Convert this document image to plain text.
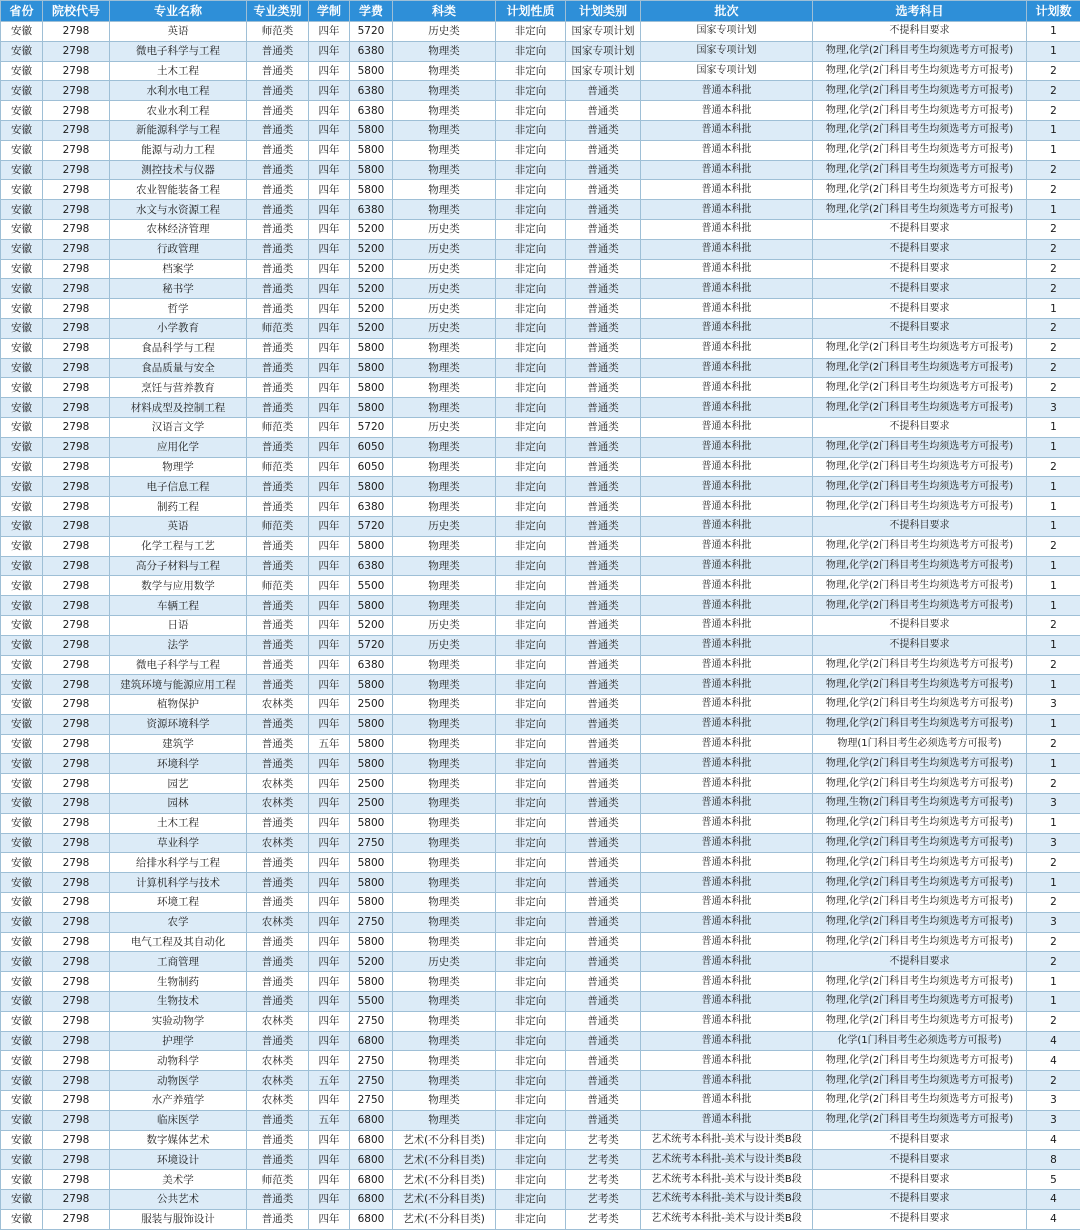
省份	院校代号	专业名称	专业类别	学制	学费	科类	计划性质	计划类别	批次	选考科目	计划数
安徽	2798	英语	师范类	四年	5720	历史类	非定向	国家专项计划	国家专项计划	不提科目要求	1
安徽	2798	微电子科学与工程	普通类	四年	6380	物理类	非定向	国家专项计划	国家专项计划	物理,化学(2门科目考生均须选考方可报考)	1
安徽	2798	土木工程	普通类	四年	5800	物理类	非定向	国家专项计划	国家专项计划	物理,化学(2门科目考生均须选考方可报考)	2
安徽	2798	水利水电工程	普通类	四年	6380	物理类	非定向	普通类	普通本科批	物理,化学(2门科目考生均须选考方可报考)	2
安徽	2798	农业水利工程	普通类	四年	6380	物理类	非定向	普通类	普通本科批	物理,化学(2门科目考生均须选考方可报考)	2
安徽	2798	新能源科学与工程	普通类	四年	5800	物理类	非定向	普通类	普通本科批	物理,化学(2门科目考生均须选考方可报考)	1
安徽	2798	能源与动力工程	普通类	四年	5800	物理类	非定向	普通类	普通本科批	物理,化学(2门科目考生均须选考方可报考)	1
安徽	2798	测控技术与仪器	普通类	四年	5800	物理类	非定向	普通类	普通本科批	物理,化学(2门科目考生均须选考方可报考)	2
安徽	2798	农业智能装备工程	普通类	四年	5800	物理类	非定向	普通类	普通本科批	物理,化学(2门科目考生均须选考方可报考)	2
安徽	2798	水文与水资源工程	普通类	四年	6380	物理类	非定向	普通类	普通本科批	物理,化学(2门科目考生均须选考方可报考)	1
安徽	2798	农林经济管理	普通类	四年	5200	历史类	非定向	普通类	普通本科批	不提科目要求	2
安徽	2798	行政管理	普通类	四年	5200	历史类	非定向	普通类	普通本科批	不提科目要求	2
安徽	2798	档案学	普通类	四年	5200	历史类	非定向	普通类	普通本科批	不提科目要求	2
安徽	2798	秘书学	普通类	四年	5200	历史类	非定向	普通类	普通本科批	不提科目要求	2
安徽	2798	哲学	普通类	四年	5200	历史类	非定向	普通类	普通本科批	不提科目要求	1
安徽	2798	小学教育	师范类	四年	5200	历史类	非定向	普通类	普通本科批	不提科目要求	2
安徽	2798	食品科学与工程	普通类	四年	5800	物理类	非定向	普通类	普通本科批	物理,化学(2门科目考生均须选考方可报考)	2
安徽	2798	食品质量与安全	普通类	四年	5800	物理类	非定向	普通类	普通本科批	物理,化学(2门科目考生均须选考方可报考)	2
安徽	2798	烹饪与营养教育	普通类	四年	5800	物理类	非定向	普通类	普通本科批	物理,化学(2门科目考生均须选考方可报考)	2
安徽	2798	材料成型及控制工程	普通类	四年	5800	物理类	非定向	普通类	普通本科批	物理,化学(2门科目考生均须选考方可报考)	3
安徽	2798	汉语言文学	师范类	四年	5720	历史类	非定向	普通类	普通本科批	不提科目要求	1
安徽	2798	应用化学	普通类	四年	6050	物理类	非定向	普通类	普通本科批	物理,化学(2门科目考生均须选考方可报考)	1
安徽	2798	物理学	师范类	四年	6050	物理类	非定向	普通类	普通本科批	物理,化学(2门科目考生均须选考方可报考)	2
安徽	2798	电子信息工程	普通类	四年	5800	物理类	非定向	普通类	普通本科批	物理,化学(2门科目考生均须选考方可报考)	1
安徽	2798	制药工程	普通类	四年	6380	物理类	非定向	普通类	普通本科批	物理,化学(2门科目考生均须选考方可报考)	1
安徽	2798	英语	师范类	四年	5720	历史类	非定向	普通类	普通本科批	不提科目要求	1
安徽	2798	化学工程与工艺	普通类	四年	5800	物理类	非定向	普通类	普通本科批	物理,化学(2门科目考生均须选考方可报考)	2
安徽	2798	高分子材料与工程	普通类	四年	6380	物理类	非定向	普通类	普通本科批	物理,化学(2门科目考生均须选考方可报考)	1
安徽	2798	数学与应用数学	师范类	四年	5500	物理类	非定向	普通类	普通本科批	物理,化学(2门科目考生均须选考方可报考)	1
安徽	2798	车辆工程	普通类	四年	5800	物理类	非定向	普通类	普通本科批	物理,化学(2门科目考生均须选考方可报考)	1
安徽	2798	日语	普通类	四年	5200	历史类	非定向	普通类	普通本科批	不提科目要求	2
安徽	2798	法学	普通类	四年	5720	历史类	非定向	普通类	普通本科批	不提科目要求	1
安徽	2798	微电子科学与工程	普通类	四年	6380	物理类	非定向	普通类	普通本科批	物理,化学(2门科目考生均须选考方可报考)	2
安徽	2798	建筑环境与能源应用工程	普通类	四年	5800	物理类	非定向	普通类	普通本科批	物理,化学(2门科目考生均须选考方可报考)	1
安徽	2798	植物保护	农林类	四年	2500	物理类	非定向	普通类	普通本科批	物理,化学(2门科目考生均须选考方可报考)	3
安徽	2798	资源环境科学	普通类	四年	5800	物理类	非定向	普通类	普通本科批	物理,化学(2门科目考生均须选考方可报考)	1
安徽	2798	建筑学	普通类	五年	5800	物理类	非定向	普通类	普通本科批	物理(1门科目考生必须选考方可报考)	2
安徽	2798	环境科学	普通类	四年	5800	物理类	非定向	普通类	普通本科批	物理,化学(2门科目考生均须选考方可报考)	1
安徽	2798	园艺	农林类	四年	2500	物理类	非定向	普通类	普通本科批	物理,化学(2门科目考生均须选考方可报考)	2
安徽	2798	园林	农林类	四年	2500	物理类	非定向	普通类	普通本科批	物理,生物(2门科目考生均须选考方可报考)	3
安徽	2798	土木工程	普通类	四年	5800	物理类	非定向	普通类	普通本科批	物理,化学(2门科目考生均须选考方可报考)	1
安徽	2798	草业科学	农林类	四年	2750	物理类	非定向	普通类	普通本科批	物理,化学(2门科目考生均须选考方可报考)	3
安徽	2798	给排水科学与工程	普通类	四年	5800	物理类	非定向	普通类	普通本科批	物理,化学(2门科目考生均须选考方可报考)	2
安徽	2798	计算机科学与技术	普通类	四年	5800	物理类	非定向	普通类	普通本科批	物理,化学(2门科目考生均须选考方可报考)	1
安徽	2798	环境工程	普通类	四年	5800	物理类	非定向	普通类	普通本科批	物理,化学(2门科目考生均须选考方可报考)	2
安徽	2798	农学	农林类	四年	2750	物理类	非定向	普通类	普通本科批	物理,化学(2门科目考生均须选考方可报考)	3
安徽	2798	电气工程及其自动化	普通类	四年	5800	物理类	非定向	普通类	普通本科批	物理,化学(2门科目考生均须选考方可报考)	2
安徽	2798	工商管理	普通类	四年	5200	历史类	非定向	普通类	普通本科批	不提科目要求	2
安徽	2798	生物制药	普通类	四年	5800	物理类	非定向	普通类	普通本科批	物理,化学(2门科目考生均须选考方可报考)	1
安徽	2798	生物技术	普通类	四年	5500	物理类	非定向	普通类	普通本科批	物理,化学(2门科目考生均须选考方可报考)	1
安徽	2798	实验动物学	农林类	四年	2750	物理类	非定向	普通类	普通本科批	物理,化学(2门科目考生均须选考方可报考)	2
安徽	2798	护理学	普通类	四年	6800	物理类	非定向	普通类	普通本科批	化学(1门科目考生必须选考方可报考)	4
安徽	2798	动物科学	农林类	四年	2750	物理类	非定向	普通类	普通本科批	物理,化学(2门科目考生均须选考方可报考)	4
安徽	2798	动物医学	农林类	五年	2750	物理类	非定向	普通类	普通本科批	物理,化学(2门科目考生均须选考方可报考)	2
安徽	2798	水产养殖学	农林类	四年	2750	物理类	非定向	普通类	普通本科批	物理,化学(2门科目考生均须选考方可报考)	3
安徽	2798	临床医学	普通类	五年	6800	物理类	非定向	普通类	普通本科批	物理,化学(2门科目考生均须选考方可报考)	3
安徽	2798	数字媒体艺术	普通类	四年	6800	艺术(不分科目类)	非定向	艺考类	艺术统考本科批-美术与设计类B段	不提科目要求	4
安徽	2798	环境设计	普通类	四年	6800	艺术(不分科目类)	非定向	艺考类	艺术统考本科批-美术与设计类B段	不提科目要求	8
安徽	2798	美术学	师范类	四年	6800	艺术(不分科目类)	非定向	艺考类	艺术统考本科批-美术与设计类B段	不提科目要求	5
安徽	2798	公共艺术	普通类	四年	6800	艺术(不分科目类)	非定向	艺考类	艺术统考本科批-美术与设计类B段	不提科目要求	4
安徽	2798	服装与服饰设计	普通类	四年	6800	艺术(不分科目类)	非定向	艺考类	艺术统考本科批-美术与设计类B段	不提科目要求	4
